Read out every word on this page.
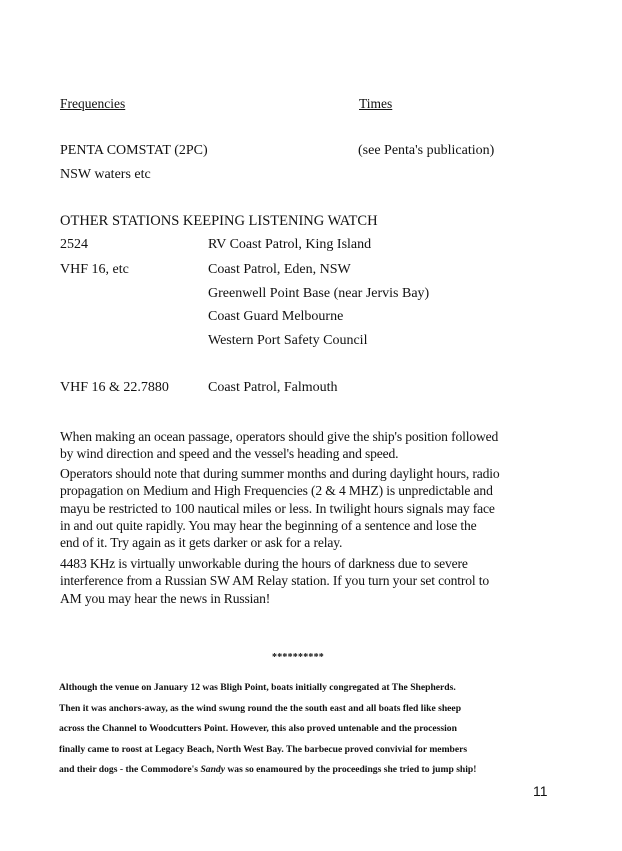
Frequencies	Times
PENTA COMSTAT (2PC)	(see Penta's publication)
NSW waters etc
OTHER STATIONS KEEPING LISTENING WATCH
2524	RV Coast Patrol, King Island
VHF 16, etc	Coast Patrol, Eden, NSW
Greenwell Point Base (near Jervis Bay)
Coast Guard Melbourne
Western Port Safety Council
VHF 16 & 22.7880	Coast Patrol, Falmouth
When making an ocean passage, operators should give the ship's position followed
by wind direction and speed and the vessel's heading and speed.
Operators should note that during summer months and during daylight hours, radio
propagation on Medium and High Frequencies (2 & 4 MHZ) is unpredictable and
mayu be restricted to 100 nautical miles or less. In twilight hours signals may face
in and out quite rapidly. You may hear the beginning of a sentence and lose the
end of it. Try again as it gets darker or ask for a relay.
4483 KHz is virtually unworkable during the hours of darkness due to severe
interference from a Russian SW AM Relay station. If you turn your set control to
AM you may hear the news in Russian!
**********
Although the venue on January 12 was Bligh Point, boats initially congregated at The Shepherds.
Then it was anchors-away, as the wind swung round the the south east and all boats fled like sheep
across the Channel to Woodcutters Point. However, this also proved untenable and the procession
finally came to roost at Legacy Beach, North West Bay. The barbecue proved convivial for members
and their dogs - the Commodore's Sandy was so enamoured by the proceedings she tried to jump ship!
11
